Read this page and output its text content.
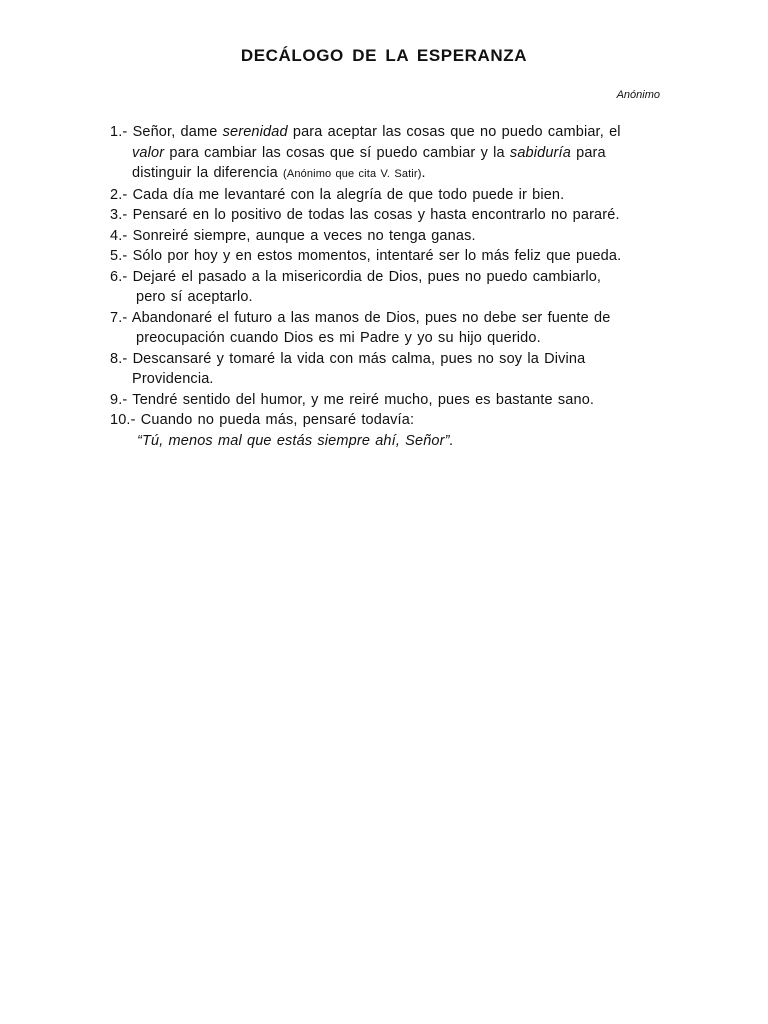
DECÁLOGO DE LA ESPERANZA
Anónimo
1.- Señor, dame serenidad para aceptar las cosas que no puedo cambiar, el
valor para cambiar las cosas que sí puedo cambiar y la sabiduría para
distinguir la diferencia (Anónimo que cita V. Satir).
2.- Cada día me levantaré con la alegría de que todo puede ir bien.
3.- Pensaré en lo positivo de todas las cosas y hasta encontrarlo no pararé.
4.- Sonreiré siempre, aunque a veces no tenga ganas.
5.- Sólo por hoy y en estos momentos, intentaré ser lo más feliz que pueda.
6.- Dejaré el pasado a la misericordia de Dios, pues no puedo cambiarlo,
pero sí aceptarlo.
7.- Abandonaré el futuro a las manos de Dios, pues no debe ser fuente de
preocupación cuando Dios es mi Padre y yo su hijo querido.
8.- Descansaré y tomaré la vida con más calma, pues no soy la Divina
Providencia.
9.- Tendré sentido del humor, y me reiré mucho, pues es bastante sano.
10.- Cuando no pueda más, pensaré todavía:
“Tú, menos mal que estás siempre ahí, Señor”.
